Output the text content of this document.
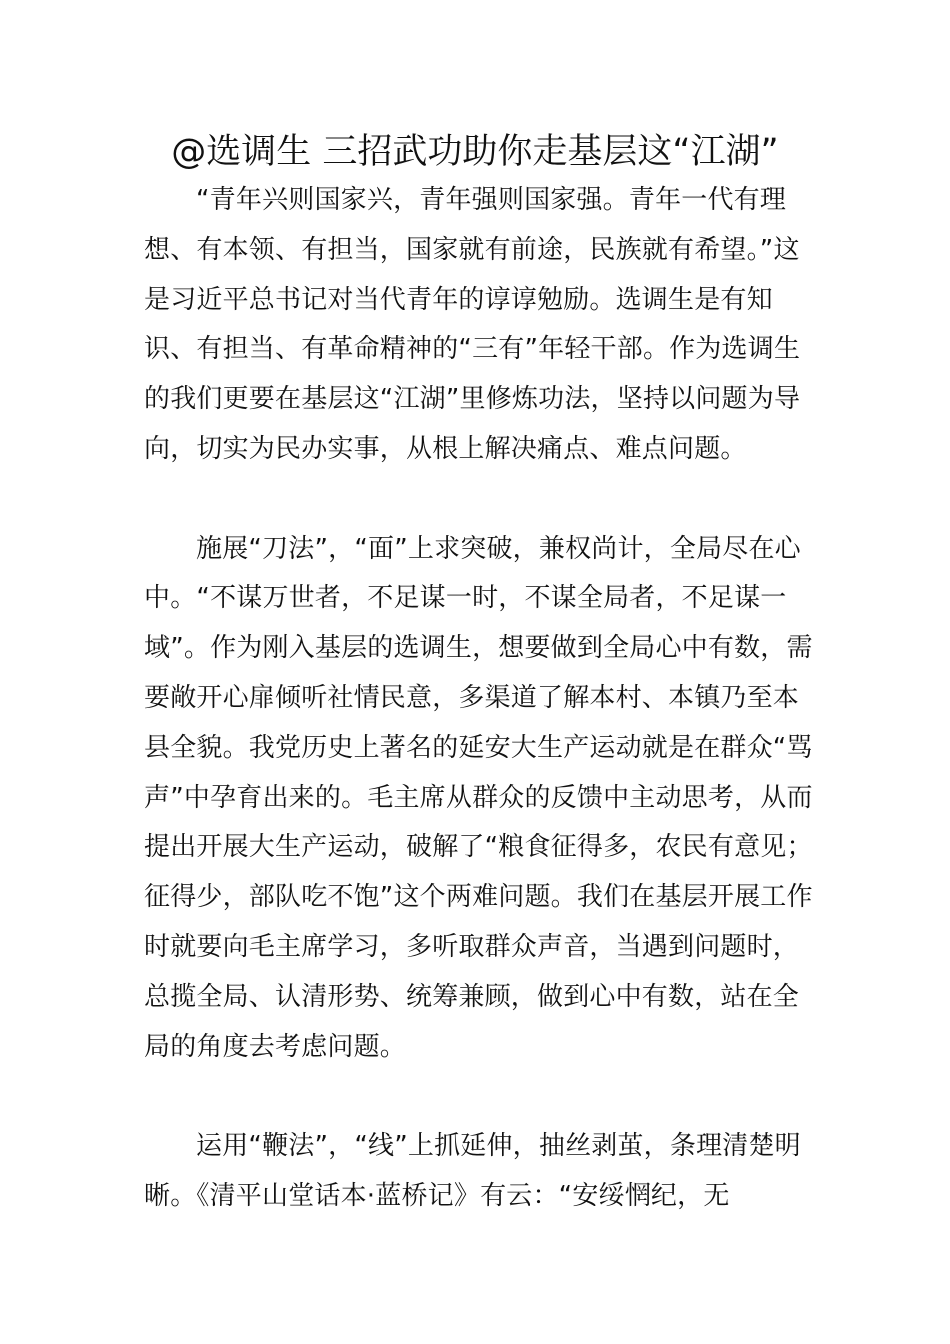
@选调生 三招武功助你走基层这“江湖”

“青年兴则国家兴，青年强则国家强。青年一代有理想、有本领、有担当，国家就有前途，民族就有希望。”这是习近平总书记对当代青年的谆谆勉励。选调生是有知识、有担当、有革命精神的“三有”年轻干部。作为选调生的我们更要在基层这“江湖”里修炼功法，坚持以问题为导向，切实为民办实事，从根上解决痛点、难点问题。

施展“刀法”，“面”上求突破，兼权尚计，全局尽在心中。“不谋万世者，不足谋一时，不谋全局者，不足谋一域”。作为刚入基层的选调生，想要做到全局心中有数，需要敞开心扉倾听社情民意，多渠道了解本村、本镇乃至本县全貌。我党历史上著名的延安大生产运动就是在群众“骂声”中孕育出来的。毛主席从群众的反馈中主动思考，从而提出开展大生产运动，破解了“粮食征得多，农民有意见；征得少，部队吃不饱”这个两难问题。我们在基层开展工作时就要向毛主席学习，多听取群众声音，当遇到问题时，总揽全局、认清形势、统筹兼顾，做到心中有数，站在全局的角度去考虑问题。

运用“鞭法”，“线”上抓延伸，抽丝剥茧，条理清楚明晰。《清平山堂话本·蓝桥记》有云：“安绥惘纪，无
